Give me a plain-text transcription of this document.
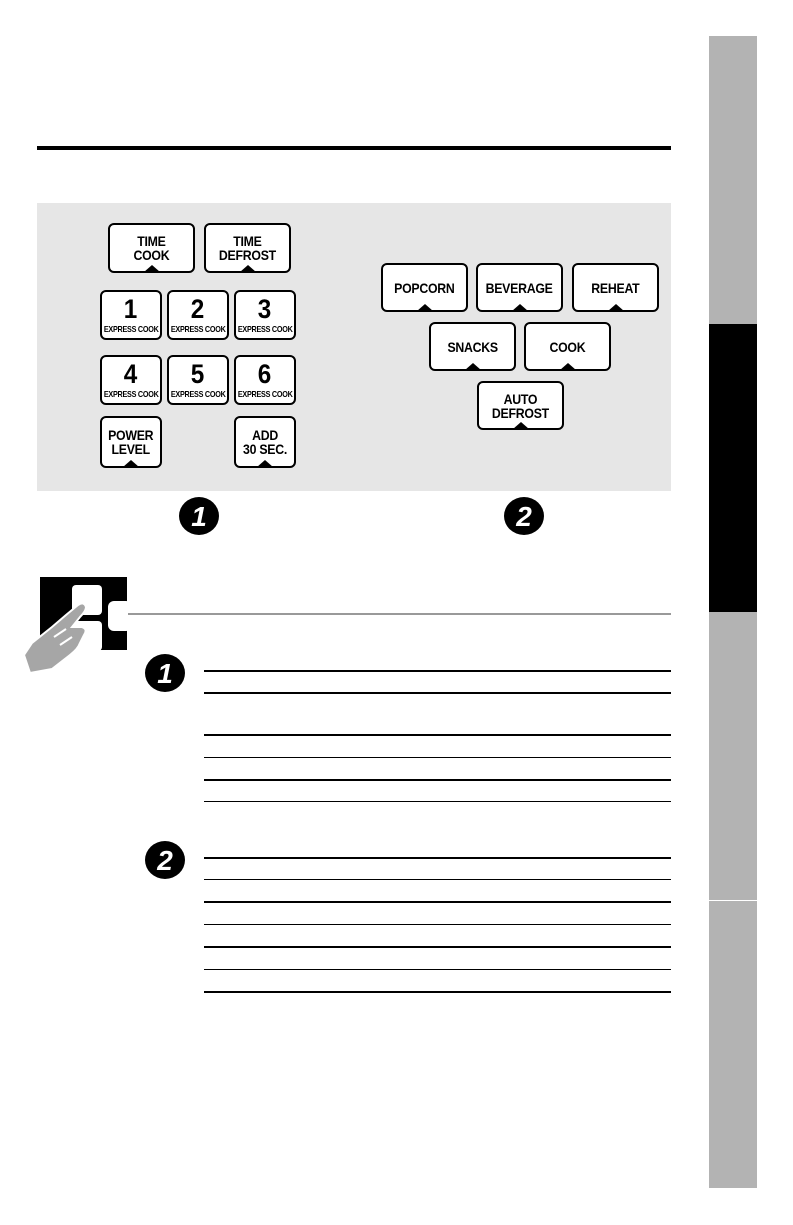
TIME
COOK
TIME
DEFROST
1
EXPRESS COOK
2
EXPRESS COOK
3
EXPRESS COOK
4
EXPRESS COOK
5
EXPRESS COOK
6
EXPRESS COOK
POWER
LEVEL
ADD
30 SEC.
POPCORN BEVERAGE	REHEAT
SNACKS	COOK
AUTO
DEFROST
1	2
1
2
